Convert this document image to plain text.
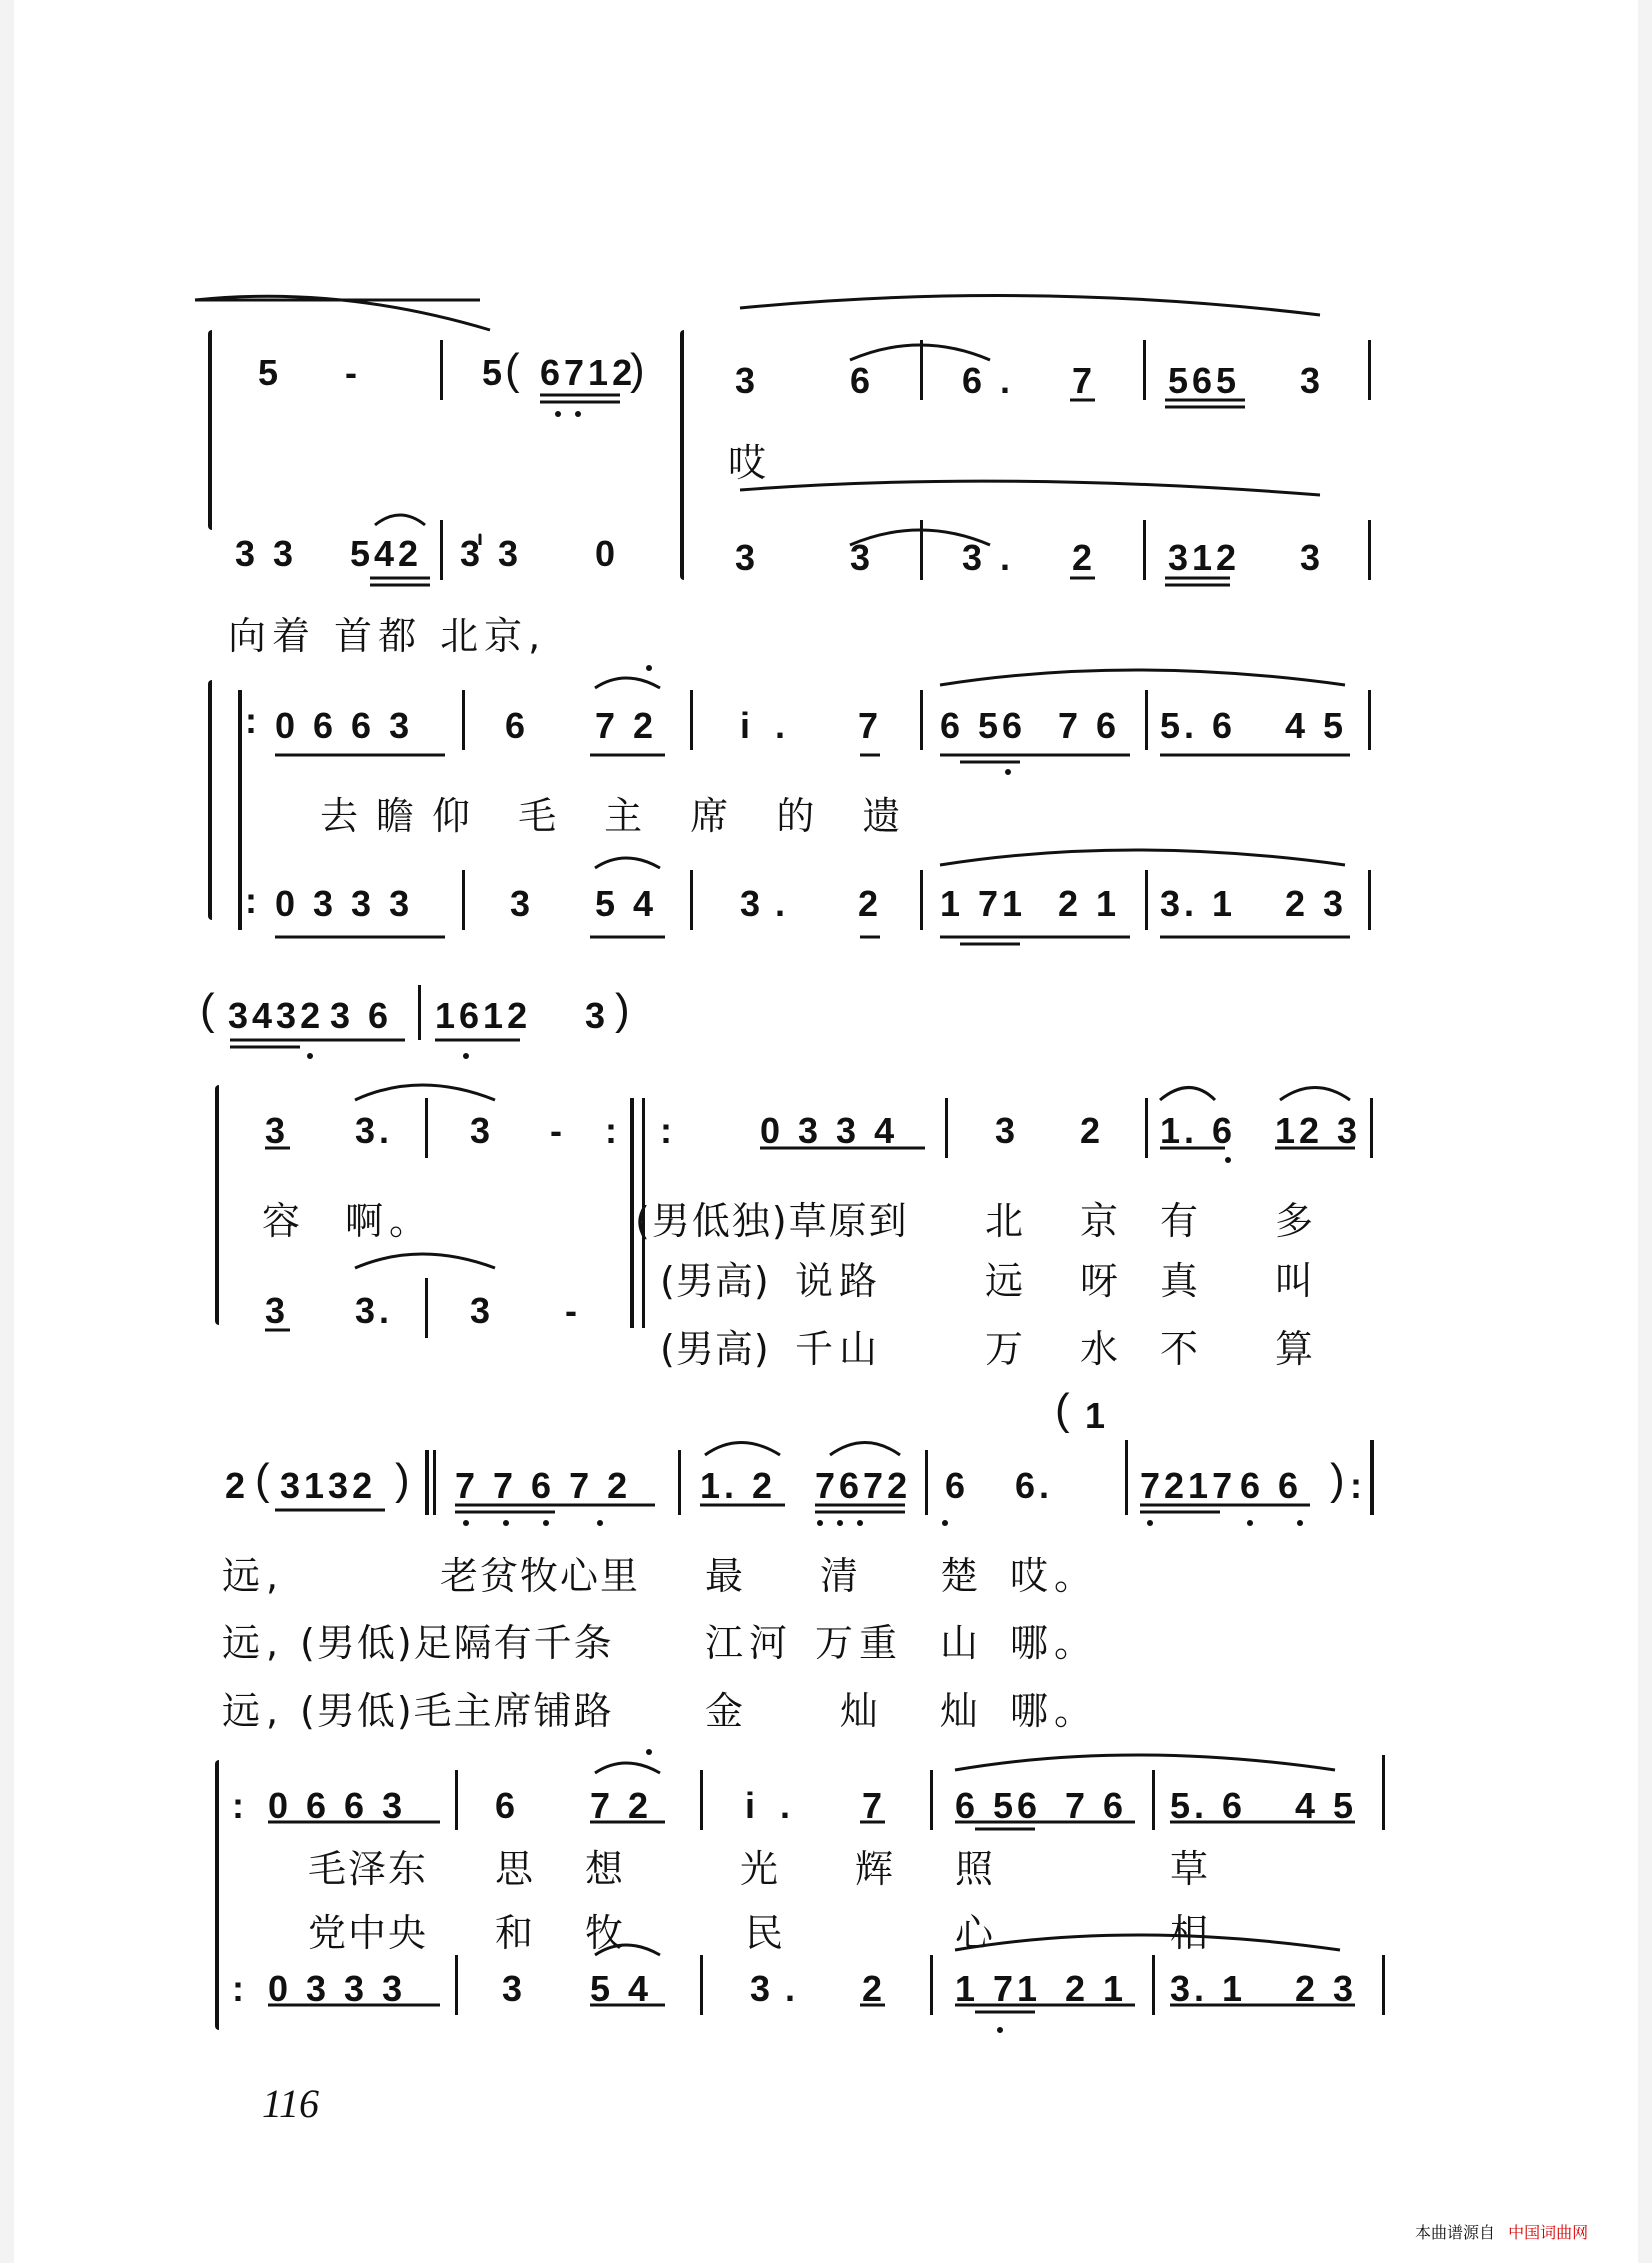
5 -	5
( 6712
) 3	6 6 . 7 565 3
哎
3 3 542 3 3 0	3	3 3 . 2 312 3
向着 首都 北京,
:
:
0 6 6 3	6 7 2 i . 7 6 56 7 6 5. 6 4 5
去瞻仰 毛 主 席 的 遗
0 3 3 3	3 5 4 3 . 2 1 71 2 1 3. 1 2 3
( 3432 3 6 1612 3 )
3 3. 3 - : : 0 3 3 4	3 2 1. 6 12 3
容 啊。	(男低独)草原到 北 京 有 多
3 3. 3 -
(男高) 说路	远 呀 真 叫
(男高) 千山	万 水 不 算
( 1
2 ( 3132 ) 7 7 6 7 2 1. 2 7672 6 6. 7217 6 6 ) :
远,	老贫牧心里 最 清 楚 哎。
远, (男低)足隔有千条 江河 万重 山 哪。
远, (男低)毛主席铺路 金 灿 灿 哪。
: 0 6 6 3 6 7 2	i . 7 6 56 7 6 5. 6 4 5
毛泽东 思 想	光 辉 照	草
党中央 和 牧	民	心	相
: 0 3 3 3	3 5 4	3 . 2 1 71 2 1 3. 1 2 3
116
本曲谱源自 中国词曲网
